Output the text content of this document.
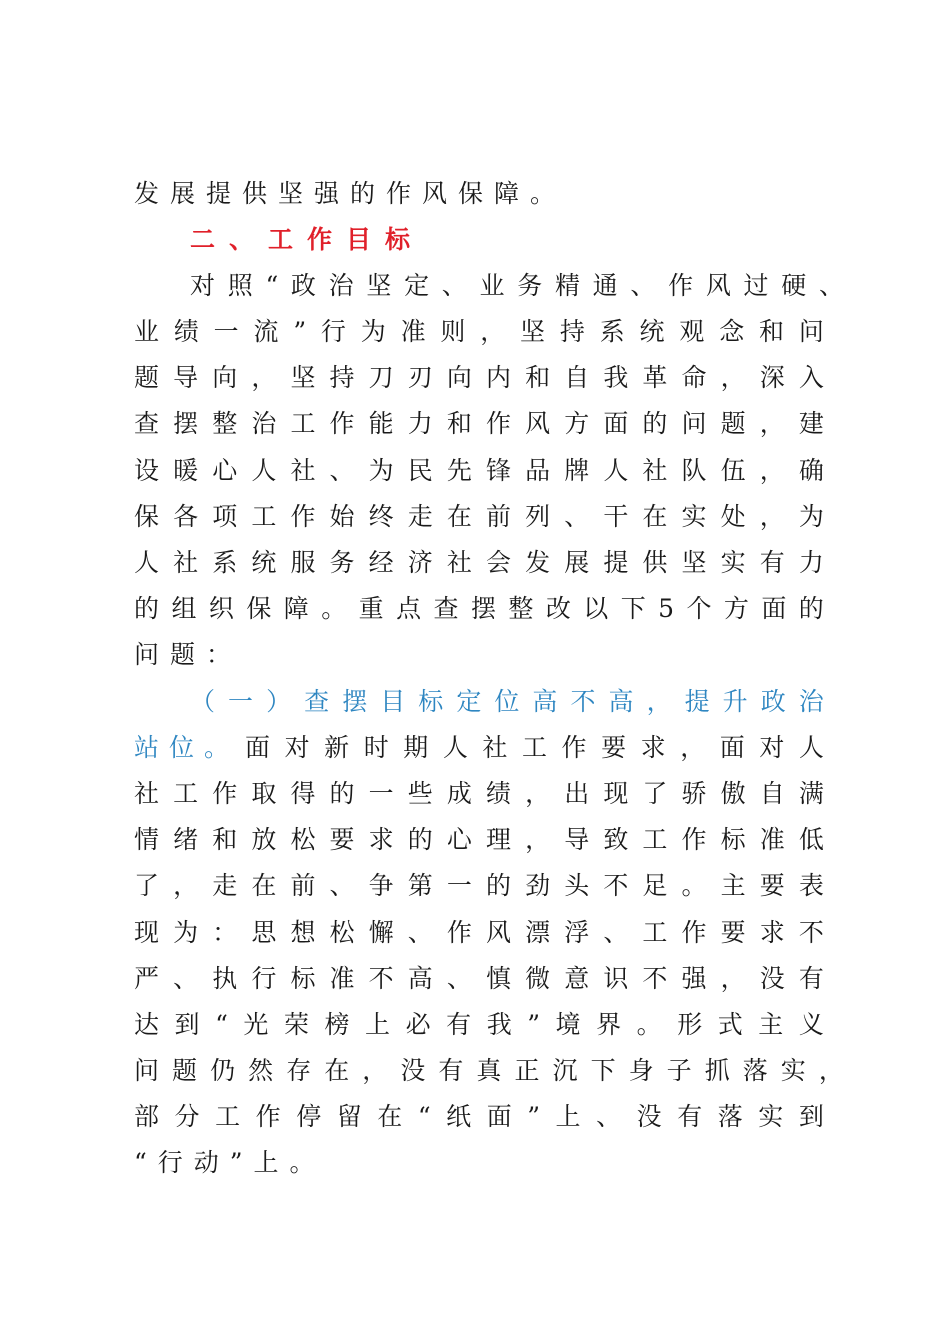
发展提供坚强的作风保障。
二、工作目标
对 照 “ 政 治 坚 定 、 业 务 精 通 、 作 风 过 硬 、
业 绩 一 流 ” 行 为 准 则 ， 坚 持 系 统 观 念 和 问
题 导 向 ， 坚 持 刀 刃 向 内 和 自 我 革 命 ， 深 入
查 摆 整 治 工 作 能 力 和 作 风 方 面 的 问 题 ， 建
设 暖 心 人 社 、 为 民 先 锋 品 牌 人 社 队 伍 ， 确
保 各 项 工 作 始 终 走 在 前 列 、 干 在 实 处 ， 为
人 社 系 统 服 务 经 济 社 会 发 展 提 供 坚 实 有 力
的 组 织 保 障 。 重 点 查 摆 整 改 以 下 5 个 方 面 的
问题：
（ 一 ） 查 摆 目 标 定 位 高 不 高 ， 提 升 政 治
站位。 面 对 新 时 期 人 社 工 作 要 求 ， 面 对 人
社 工 作 取 得 的 一 些 成 绩 ， 出 现 了 骄 傲 自 满
情 绪 和 放 松 要 求 的 心 理 ， 导 致 工 作 标 准 低
了 ， 走 在 前 、 争 第 一 的 劲 头 不 足 。 主 要 表
现 为 ： 思 想 松 懈 、 作 风 漂 浮 、 工 作 要 求 不
严 、 执 行 标 准 不 高 、 慎 微 意 识 不 强 ， 没 有
达 到 “ 光 荣 榜 上 必 有 我 ” 境 界 。 形 式 主 义
问 题 仍 然 存 在 ， 没 有 真 正 沉 下 身 子 抓 落 实 ，
部 分 工 作 停 留 在 “ 纸 面 ” 上 、 没 有 落 实 到
“行动”上。
